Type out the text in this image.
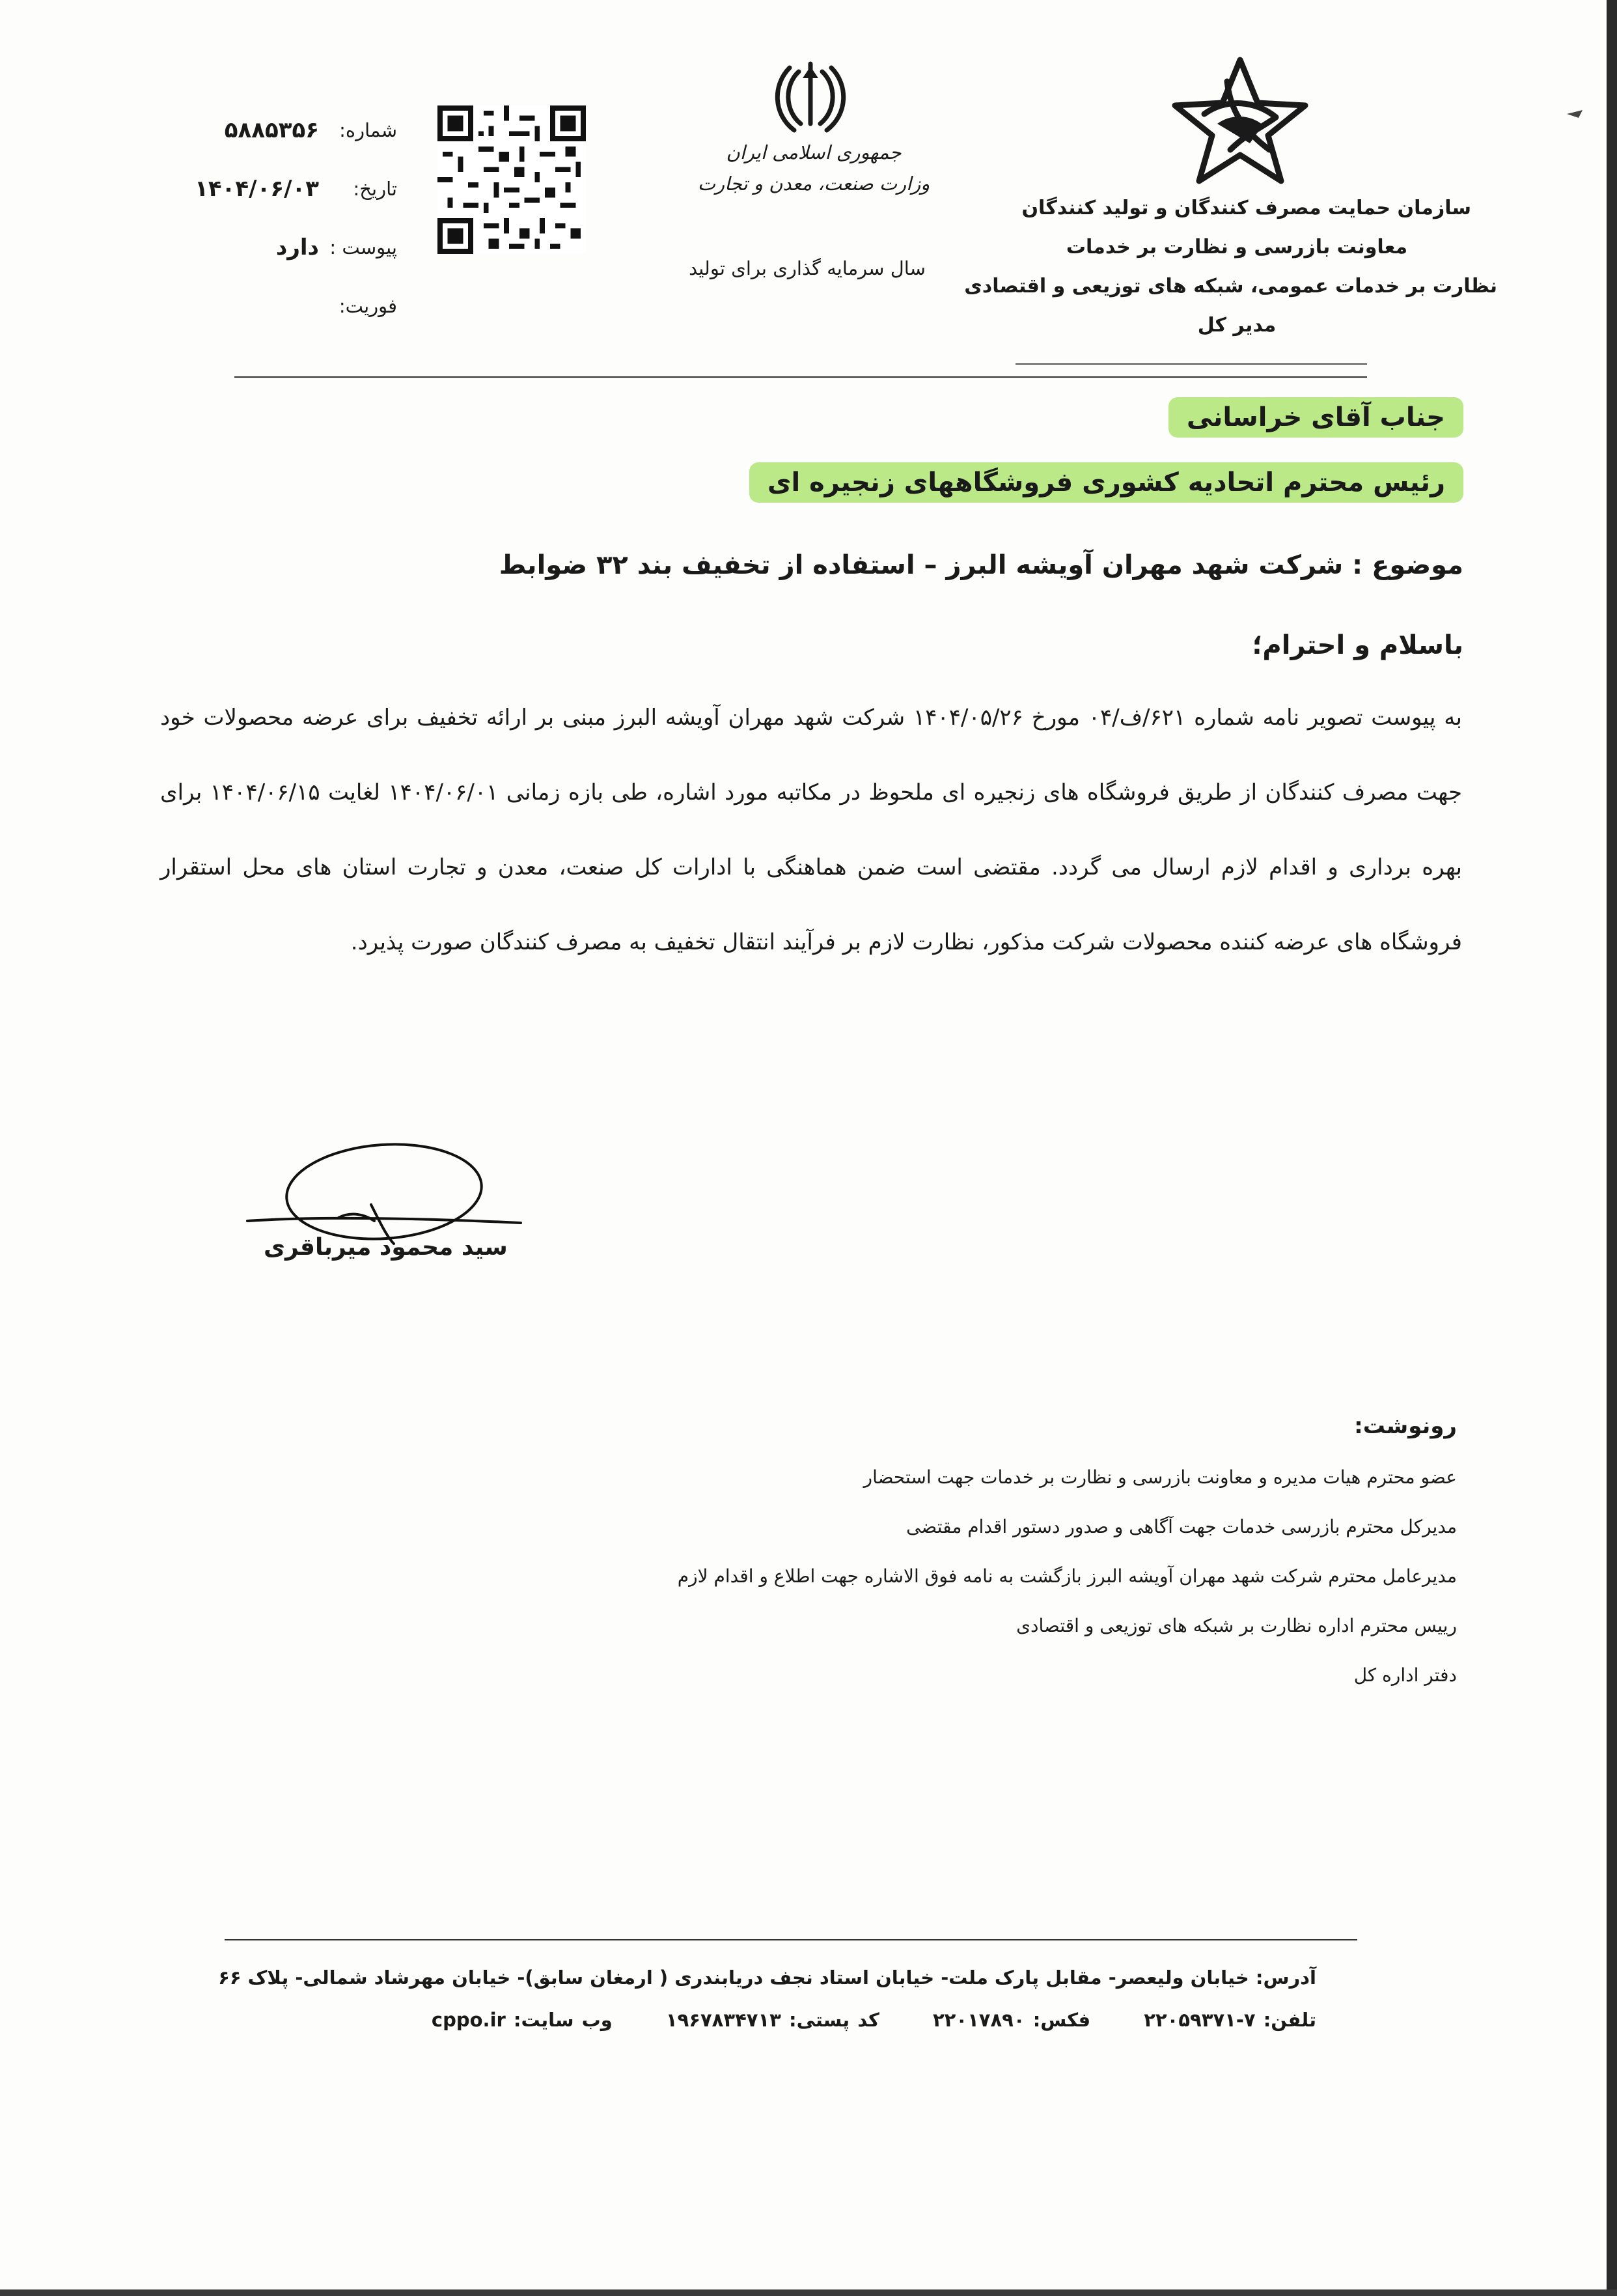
سازمان حمایت مصرف کنندگان و تولید کنندگان
معاونت بازرسی و نظارت بر خدمات
نظارت بر خدمات عمومی، شبکه های توزیعی و اقتصادی
مدیر کل
جمهوری اسلامی ایران
وزارت صنعت، معدن و تجارت
سال سرمایه گذاری برای تولید
شماره:
۵۸۸۵۳۵۶
تاریخ:
۱۴۰۴/۰۶/۰۳
پیوست :
دارد
فوریت:
جناب آقای خراسانی
رئیس محترم اتحادیه کشوری فروشگاههای زنجیره ای
موضوع : شرکت شهد مهران آویشه البرز – استفاده از تخفیف بند ۳۲ ضوابط
باسلام و احترام؛
به پیوست تصویر نامه شماره ۶۲۱/ف/۰۴ مورخ ۱۴۰۴/۰۵/۲۶ شرکت شهد مهران آویشه البرز مبنی بر ارائه تخفیف برای عرضه محصولات خود جهت مصرف کنندگان از طریق فروشگاه های زنجیره ای ملحوظ در مکاتبه مورد اشاره، طی بازه زمانی ۱۴۰۴/۰۶/۰۱ لغایت ۱۴۰۴/۰۶/۱۵ برای بهره برداری و اقدام لازم ارسال می گردد. مقتضی است ضمن هماهنگی با ادارات کل صنعت، معدن و تجارت استان های محل استقرار فروشگاه های عرضه کننده محصولات شرکت مذکور، نظارت لازم بر فرآیند انتقال تخفیف به مصرف کنندگان صورت پذیرد.
سید محمود میرباقری
رونوشت:
عضو محترم هیات مدیره و معاونت بازرسی و نظارت بر خدمات جهت استحضار
مدیرکل محترم بازرسی خدمات جهت آگاهی و صدور دستور اقدام مقتضی
مدیرعامل محترم شرکت شهد مهران آویشه البرز بازگشت به نامه فوق الاشاره جهت اطلاع و اقدام لازم
رییس محترم اداره نظارت بر شبکه های توزیعی و اقتصادی
دفتر اداره کل
آدرس: خیابان ولیعصر- مقابل پارک ملت- خیابان استاد نجف دریابندری ( ارمغان سابق)- خیابان مهرشاد شمالی- پلاک ۶۶
تلفن: ۷-۲۲۰۵۹۳۷۱ فکس: ۲۲۰۱۷۸۹۰ کد پستی: ۱۹۶۷۸۳۴۷۱۳ وب سایت: cppo.ir
